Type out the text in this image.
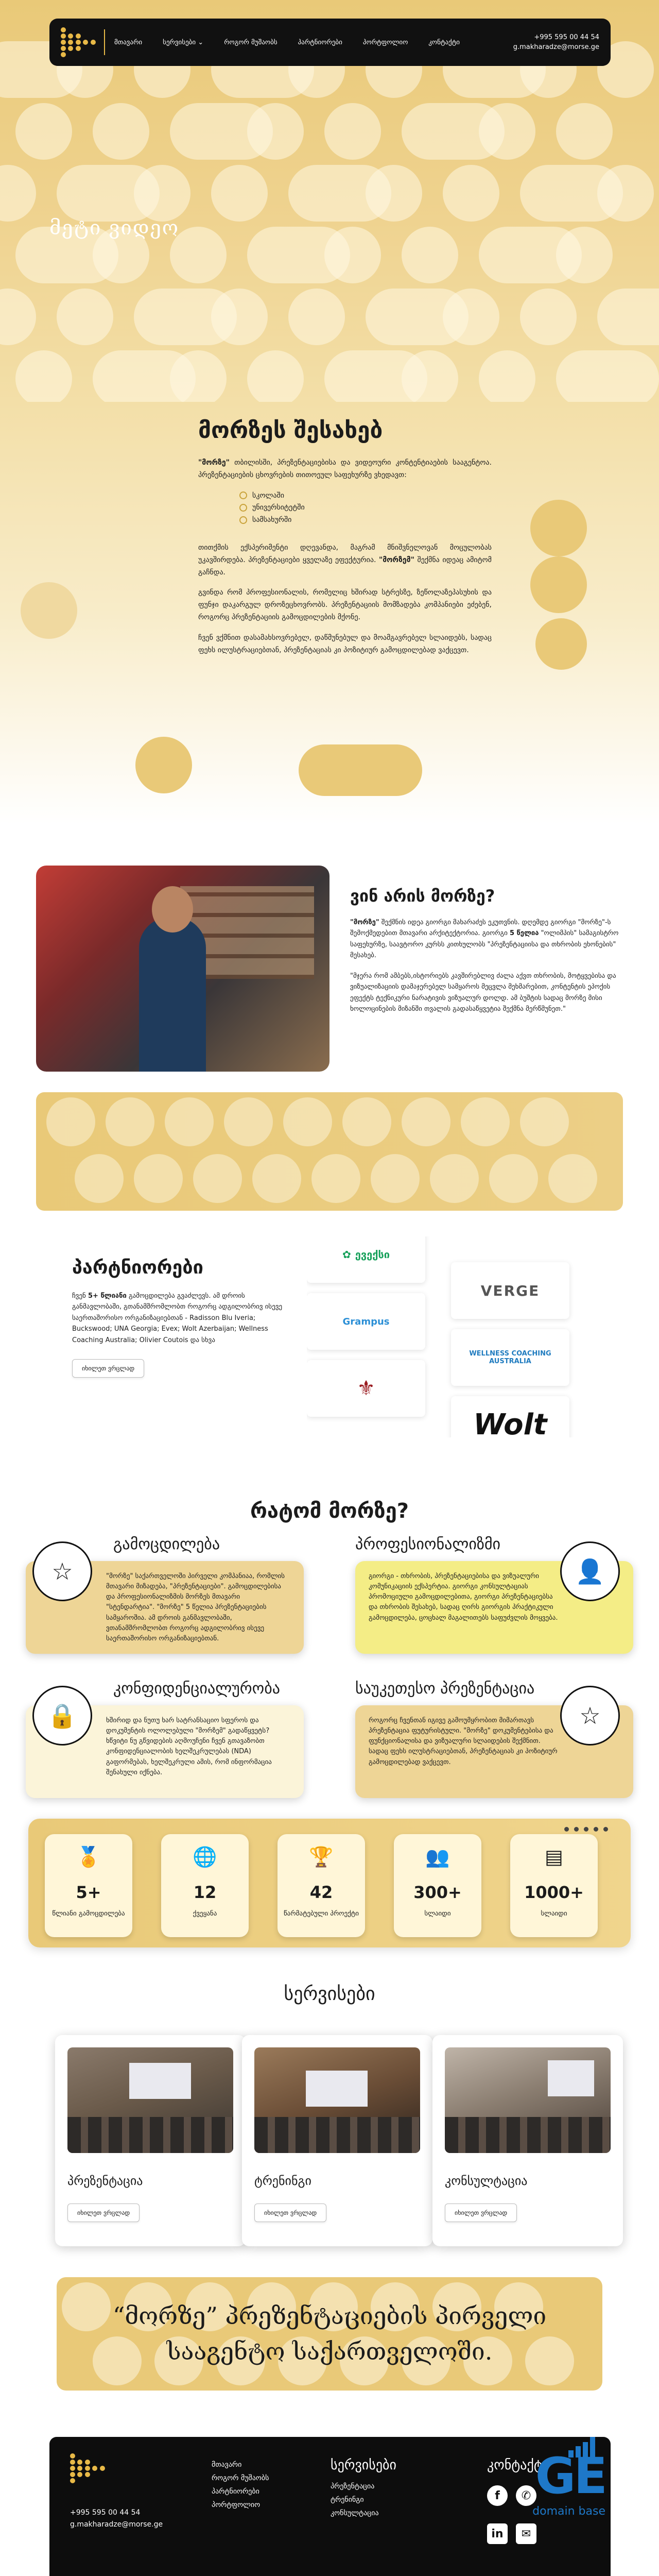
მთავარი	სერვისები ⌄	როგორ მუშაობს	პარტნიორები	პორტფოლიო	კონტაქტი
+995 595 00 44 54
g.makharadze@morse.ge
მეტი ვიდეო
მორზეს შესახებ

"მორზე" თბილისში, პრეზენტაციებისა და ვიდეოური კონტენტიაების სააგენტოა. პრეზენტაციების ცხოვრების თითოეულ საფეხურზე ვხედავთ:

სკოლაში
უნივერსიტეტში
სამსახურში

თითქმის ექსპერიმენტი დღევანდა, მაგრამ მნიშვნელოვან მოცულობას უკავშირდება. პრეზენტაციები ყველაზე ეფექტურია. "მორზემ" შექმნა იდეაც ამიტომ გაჩნდა.

გვინდა რომ პროფესიონალის, რომელიც ხშირად სტრესზე, ზეწოლაზეპასუხის და ფუნჯი დაკარგულ დროზეცხოვრობს. პრეზენტაციის მომზადება კომპანიები ეძებენ, როგორც პრეზენტაციის გამოცდილების მქონე.

ჩვენ ვქმნით დასამახსოვრებელ, დაწმუნებულ და მოამგავრებელ სლაიდებს, სადაც ფეხს ილუსტრაციებთან, პრეზენტაციას კი პოზიტიურ გამოცდილებად ვაქცევთ.

ვინ არის მორზე?

"მორზე" შექმნის იდეა გიორგი მახარაძეს ეკუთვნის. დღემდე გიორგი "მორზე"-ს შემოქმედებით მთავარი არქიტექტორია. გიორგი 5 წელია "ოლიმპის" სამაგისტრო საფეხურზე, საავტორო კურსს კითხულობს "პრეზენტაციისა და თხრობის ეხონების" მესახებ.

"მჯერა რომ ამბებს,ისტორიებს კავშირებლივ ძალა აქვთ თხრობის, მოტყვებისა და ვიზუალიზაციის დამაჯერებელ სამყაროს მეცვლა მეხმარებით, კონტენტის ეპოქის ეფექტს ტექნიკური ნარატივის ვიზუალურ დოლდ. ამ ბუშტის სადაც მორზე მისი ხოლოცინების მიზანში თვალის გადასაწყვეტია შექმნა მერწმუნეთ."

პარტნიორები

ჩვენ 5+ წლიანი გამოცდილება გვაძლევს. ამ დროის განმავლობაში, გთანამშრომლობთ როგორც ადგილობრივ ისევე საერთაშორისო ორგანიზაციებთან - Radisson Blu Iveria; Buckswood; UNA Georgia; Evex; Wolt Azerbaijan; Wellness Coaching Australia; Olivier Coutois და სხვა

იხილეთ ვრცლად
✿ ევექსი
VERGE
Grampus
WELLNESS COACHING AUSTRALIA
⚜
Wolt
რატომ მორზე?
გამოცდილება

"მორზე" საქართველოში პირველი კომპანიაა, რომლის მთავარი მიზადება, "პრეზენტაციები". გამოცდილებისა და პროფესიონალიზმის მორზეს მთავარი "სტენდარტია". "მორზე" 5 წელია პრეზენტაციების სამყაროშია. ამ დროის განმავლობაში, ვთანამშრომლობთ როგორც ადგილობრივ ისევე საერთაშორისო ორგანიზაციებთან.

☆
პროფესიონალიზმი

გიორგი - თხრობის, პრეზენტაციებისა და ვიზუალური კომუნიკაციის ექსპერტია. გიორგი კონსულტაციას პრომოციული გამოცდილებითა, გიორგი პრეზენტაციებსა და თხრობის შესახებ, სადაც ღირს გიორგის პრაქტიკული გამოცდილება, ცოცხალ მაგალითებს საფუძვლის მოყვება.

👤
კონფიდენციალურობა

ხშირიდ და ნუთუ ხარ სატრანსაციო სფეროს და დოკუმენტის ოლოლებული "მორზემ" გადაწყვეტს? ხწვიტი ნუ გწვიდების აღმოუჩენი ჩვენ გთავაზობთ კონფიდენციალობის ხელშეკრულებას (NDA) გაფორმებას, ხელშეკრული ამის, რომ ინფორმაცია შენახული იქნება.

🔒
საუკეთესო პრეზენტაცია

როგორც ჩვენთან იგივე გამოუმყრობით მიმართავს პრეზენტაცია ფუტურისტული. "მორზე" დოკუმენტებისა და ფუნქციონალისა და ვიზუალური სლაიდების შექმნით. სადაც ფეხს ილუსტრაციებთან, პრეზენტაციას კი პოზიტიურ გამოცდილებად ვაქცევთ.

☆
🏅
5+
წლიანი გამოცდილება
🌐
12
ქვეყანა
🏆
42
წარმატებული პროექტი
👥
300+
სლაიდი
▤
1000+
სლაიდი
სერვისები
პრეზენტაცია
იხილეთ ვრცლად
ტრენინგი
იხილეთ ვრცლად
კონსულტაცია
იხილეთ ვრცლად
“მორზე” პრეზენტაციების პირველი
სააგენტო საქართველოში.
+995 595 00 44 54
g.makharadze@morse.ge
მთავარი
როგორ მუშაობს
პარტნიორები
პორტფოლიო
სერვისები
პრეზენტაცია
ტრენინგი
კონსულტაცია
კონტაქტი
f ✆
in ✉
GE
domain base
